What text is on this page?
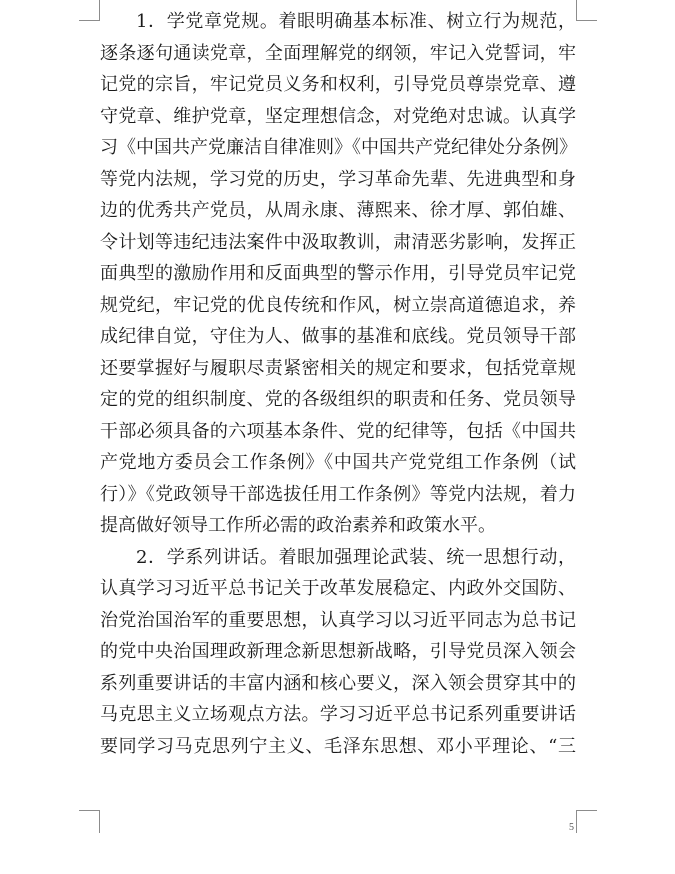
1．学党章党规。着眼明确基本标准、树立行为规范，
逐条逐句通读党章，全面理解党的纲领，牢记入党誓词，牢
记党的宗旨，牢记党员义务和权利，引导党员尊崇党章、遵
守党章、维护党章，坚定理想信念，对党绝对忠诚。认真学
习《中国共产党廉洁自律准则》《中国共产党纪律处分条例》
等党内法规，学习党的历史，学习革命先辈、先进典型和身
边的优秀共产党员，从周永康、薄熙来、徐才厚、郭伯雄、
令计划等违纪违法案件中汲取教训，肃清恶劣影响，发挥正
面典型的激励作用和反面典型的警示作用，引导党员牢记党
规党纪，牢记党的优良传统和作风，树立崇高道德追求，养
成纪律自觉，守住为人、做事的基准和底线。党员领导干部
还要掌握好与履职尽责紧密相关的规定和要求，包括党章规
定的党的组织制度、党的各级组织的职责和任务、党员领导
干部必须具备的六项基本条件、党的纪律等，包括《中国共
产党地方委员会工作条例》《中国共产党党组工作条例（试
行）》《党政领导干部选拔任用工作条例》等党内法规，着力
提高做好领导工作所必需的政治素养和政策水平。
2．学系列讲话。着眼加强理论武装、统一思想行动，
认真学习习近平总书记关于改革发展稳定、内政外交国防、
治党治国治军的重要思想，认真学习以习近平同志为总书记
的党中央治国理政新理念新思想新战略，引导党员深入领会
系列重要讲话的丰富内涵和核心要义，深入领会贯穿其中的
马克思主义立场观点方法。学习习近平总书记系列重要讲话
要同学习马克思列宁主义、毛泽东思想、邓小平理论、“三
5
